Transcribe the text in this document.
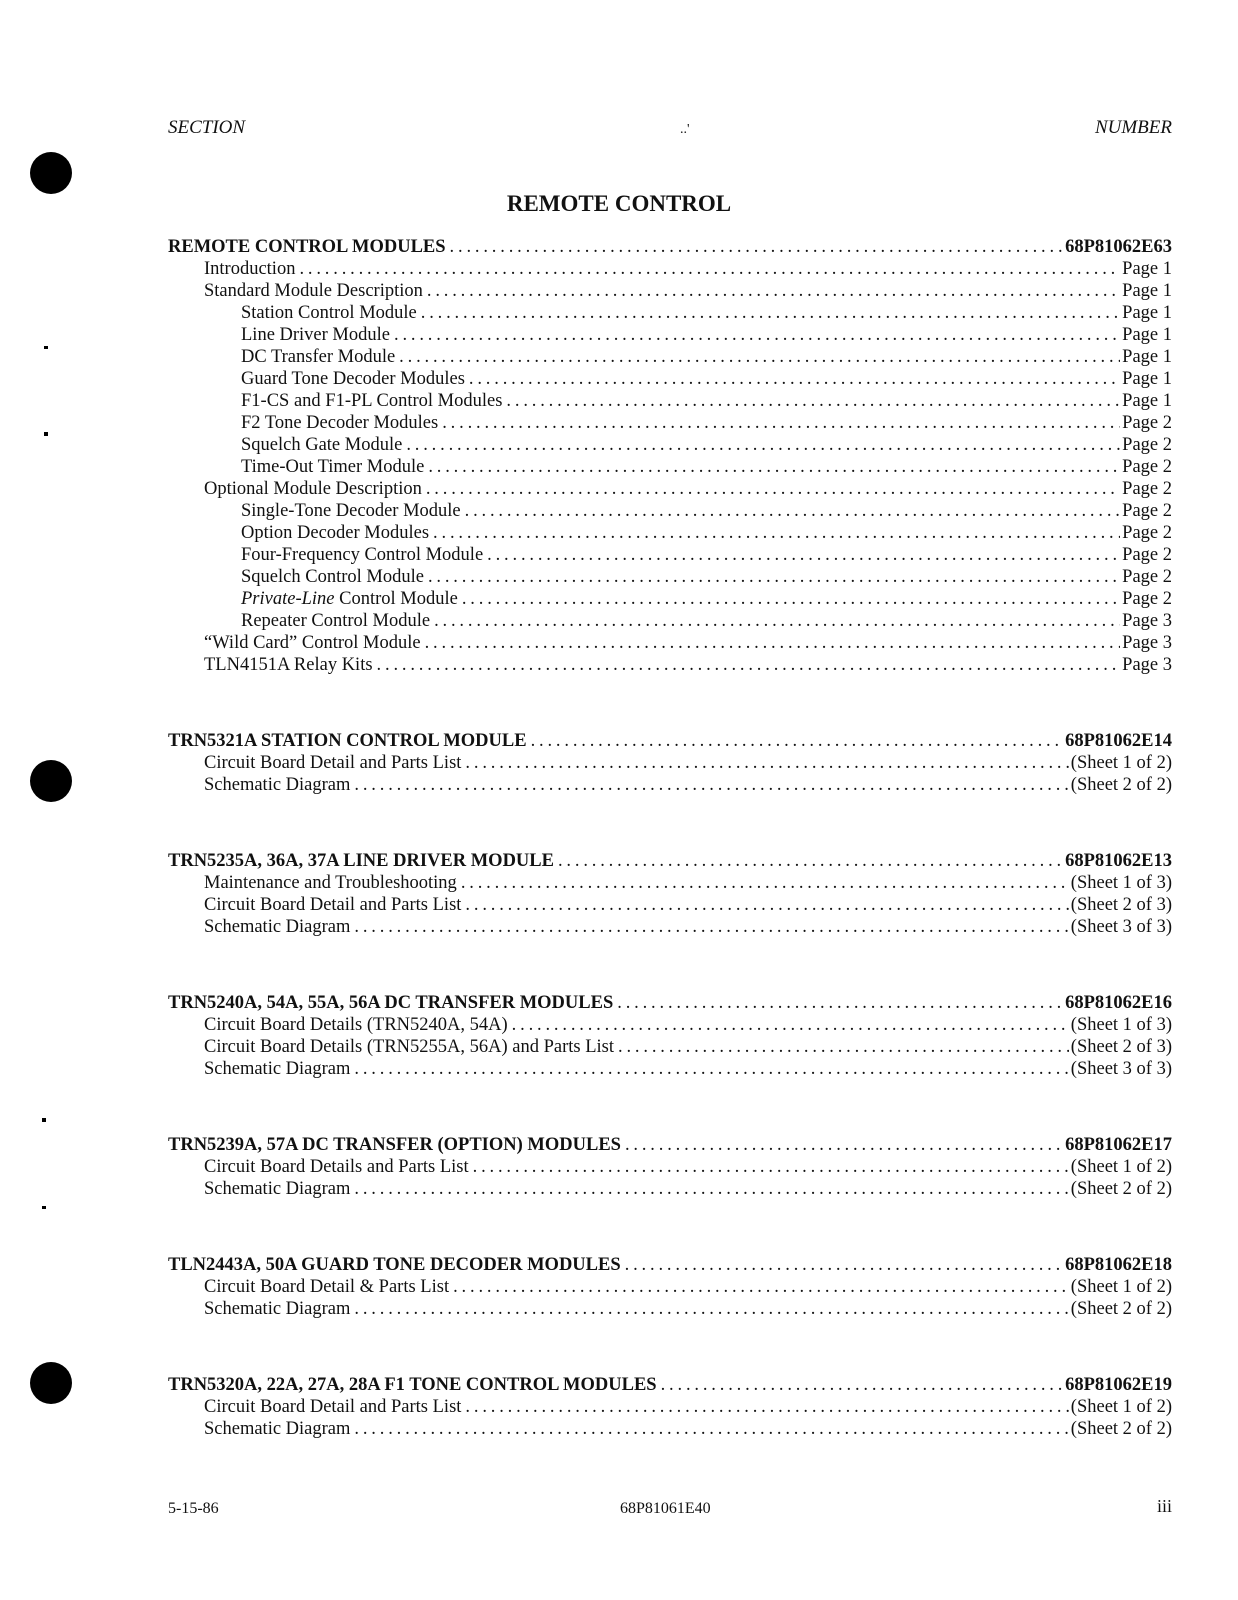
SECTION	..'	NUMBER
REMOTE CONTROL
REMOTE CONTROL MODULES . . .	68P81062E63
Introduction . . .	Page 1
Standard Module Description . . .	Page 1
Station Control Module . . .	Page 1
Line Driver Module . . .	Page 1
DC Transfer Module . . .	Page 1
Guard Tone Decoder Modules . . .	Page 1
F1-CS and F1-PL Control Modules . . .	Page 1
F2 Tone Decoder Modules . . .	Page 2
Squelch Gate Module . . .	Page 2
Time-Out Timer Module . . .	Page 2
Optional Module Description . . .	Page 2
Single-Tone Decoder Module . . .	Page 2
Option Decoder Modules . . .	Page 2
Four-Frequency Control Module . . .	Page 2
Squelch Control Module . . .	Page 2
Private-Line Control Module . . .	Page 2
Repeater Control Module . . .	Page 3
“Wild Card” Control Module . . .	Page 3
TLN4151A Relay Kits . . .	Page 3
TRN5321A STATION CONTROL MODULE . . .	68P81062E14
Circuit Board Detail and Parts List . . .	(Sheet 1 of 2)
Schematic Diagram . . .	(Sheet 2 of 2)
TRN5235A, 36A, 37A LINE DRIVER MODULE . . .	68P81062E13
Maintenance and Troubleshooting . . .	(Sheet 1 of 3)
Circuit Board Detail and Parts List . . .	(Sheet 2 of 3)
Schematic Diagram . . .	(Sheet 3 of 3)
TRN5240A, 54A, 55A, 56A DC TRANSFER MODULES . . .	68P81062E16
Circuit Board Details (TRN5240A, 54A) . . .	(Sheet 1 of 3)
Circuit Board Details (TRN5255A, 56A) and Parts List . . .	(Sheet 2 of 3)
Schematic Diagram . . .	(Sheet 3 of 3)
TRN5239A, 57A DC TRANSFER (OPTION) MODULES . . .	68P81062E17
Circuit Board Details and Parts List . . .	(Sheet 1 of 2)
Schematic Diagram . . .	(Sheet 2 of 2)
TLN2443A, 50A GUARD TONE DECODER MODULES . . .	68P81062E18
Circuit Board Detail & Parts List . . .	(Sheet 1 of 2)
Schematic Diagram . . .	(Sheet 2 of 2)
TRN5320A, 22A, 27A, 28A F1 TONE CONTROL MODULES . . .	68P81062E19
Circuit Board Detail and Parts List . . .	(Sheet 1 of 2)
Schematic Diagram . . .	(Sheet 2 of 2)
5-15-86	68P81061E40	iii
